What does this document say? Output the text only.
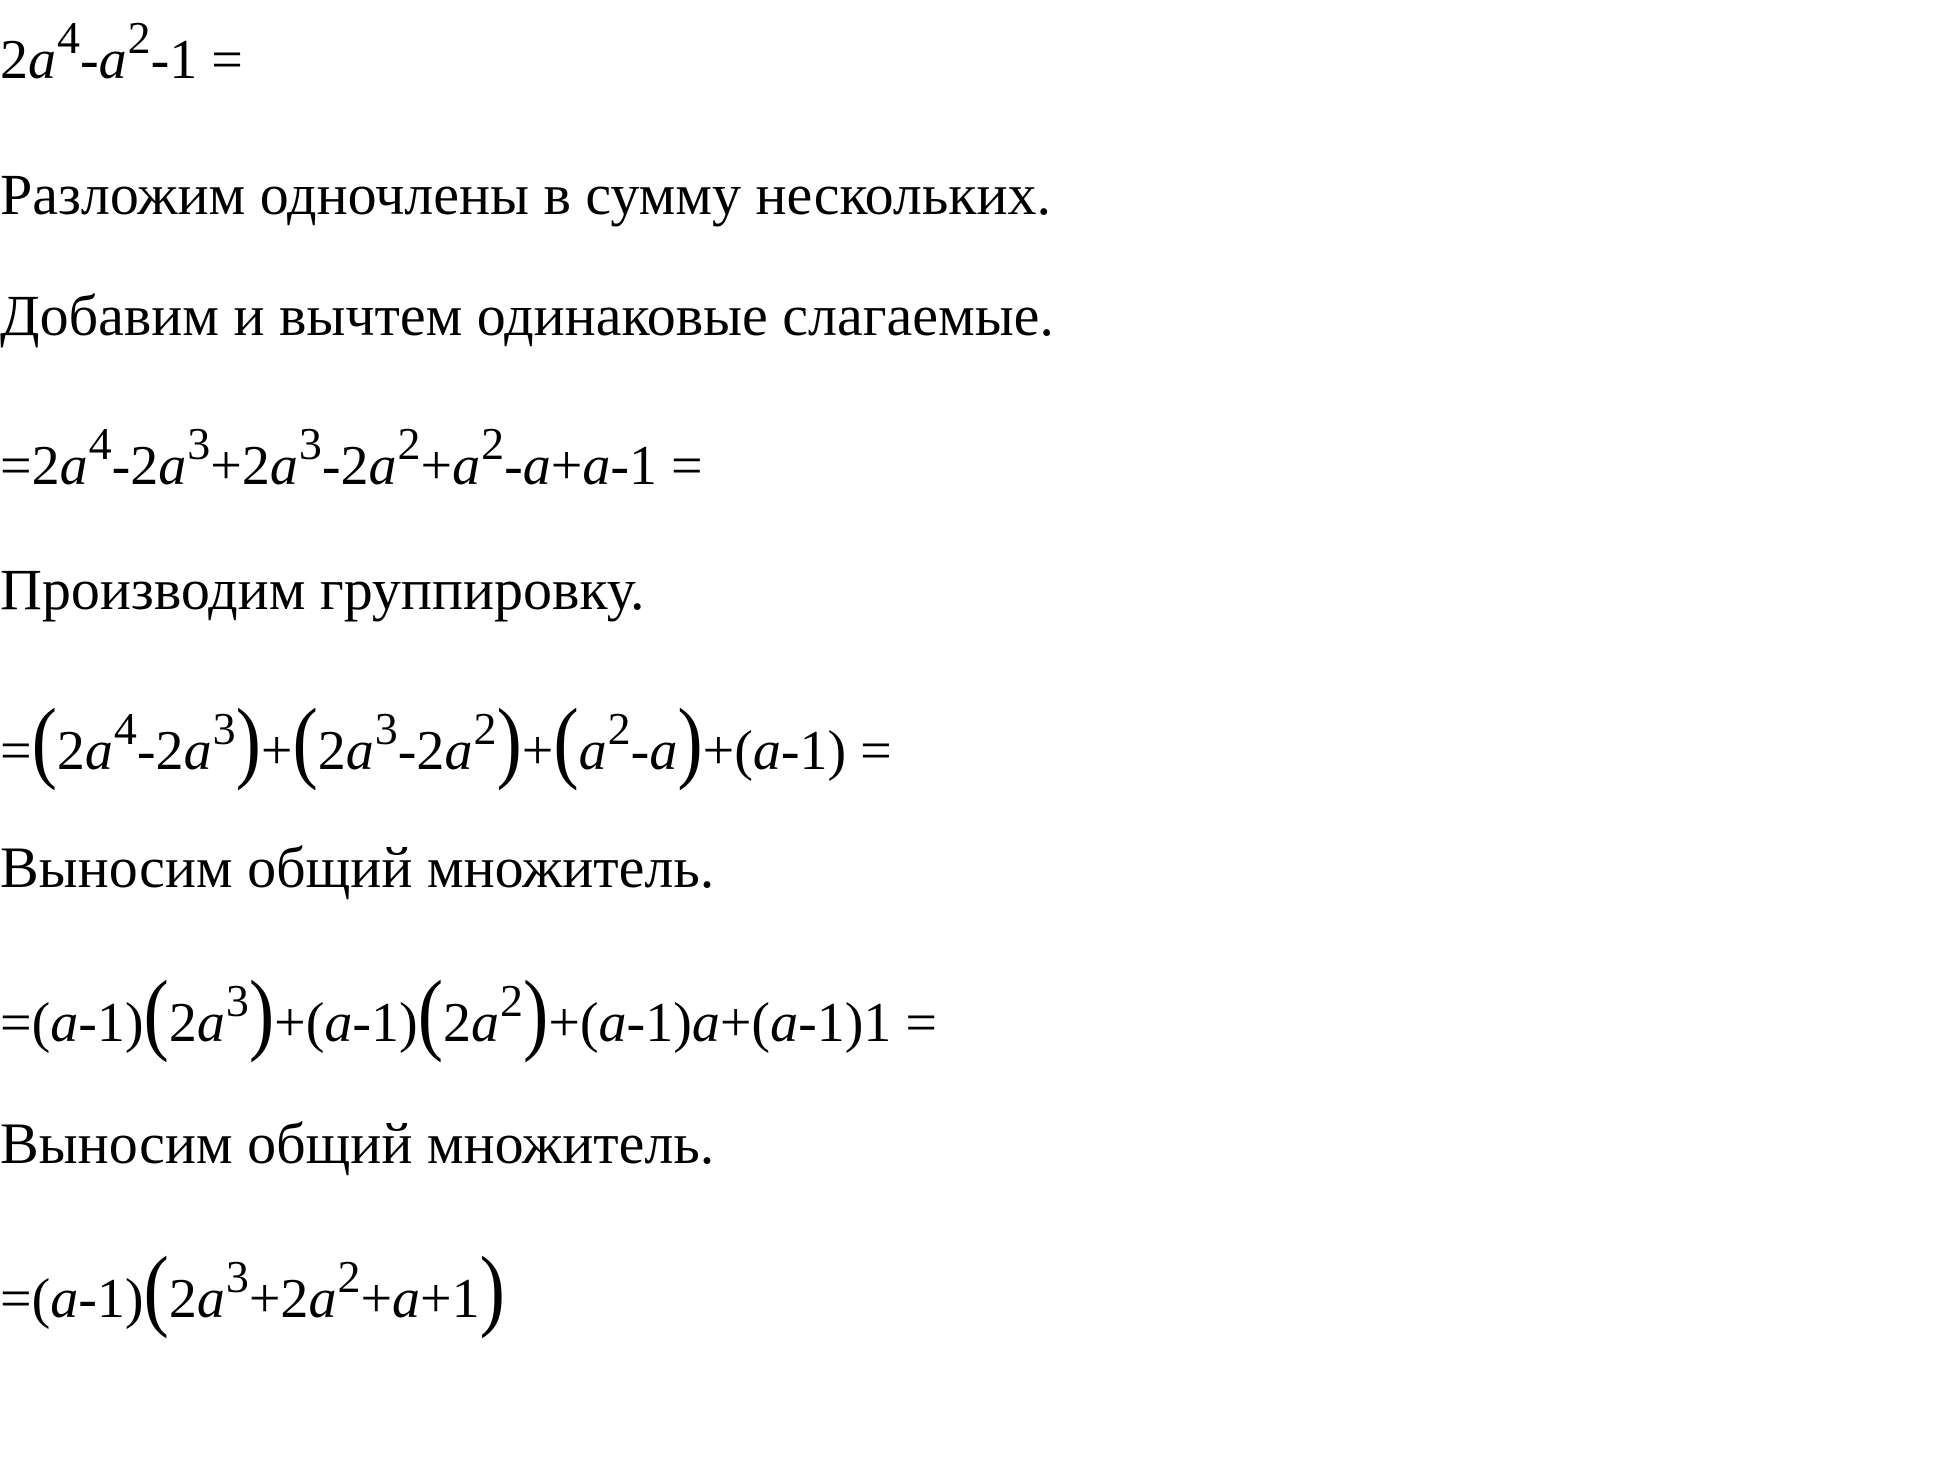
$2a^4-a^2-1$ =
Разложим одночлены в сумму нескольких.
Добавим и вычтем одинаковые слагаемые.
$=2a^4-2a^3+2a^3-2a^2+a^2-a+a-1$ =
Производим группировку.
$=(2a^4-2a^3)+(2a^3-2a^2)+(a^2-a)+(a-1)$ =
Выносим общий множитель.
$=(a-1)(2a^3)+(a-1)(2a^2)+(a-1)a+(a-1)1$ =
Выносим общий множитель.
$=(a-1)(2a^3+2a^2+a+1)$
